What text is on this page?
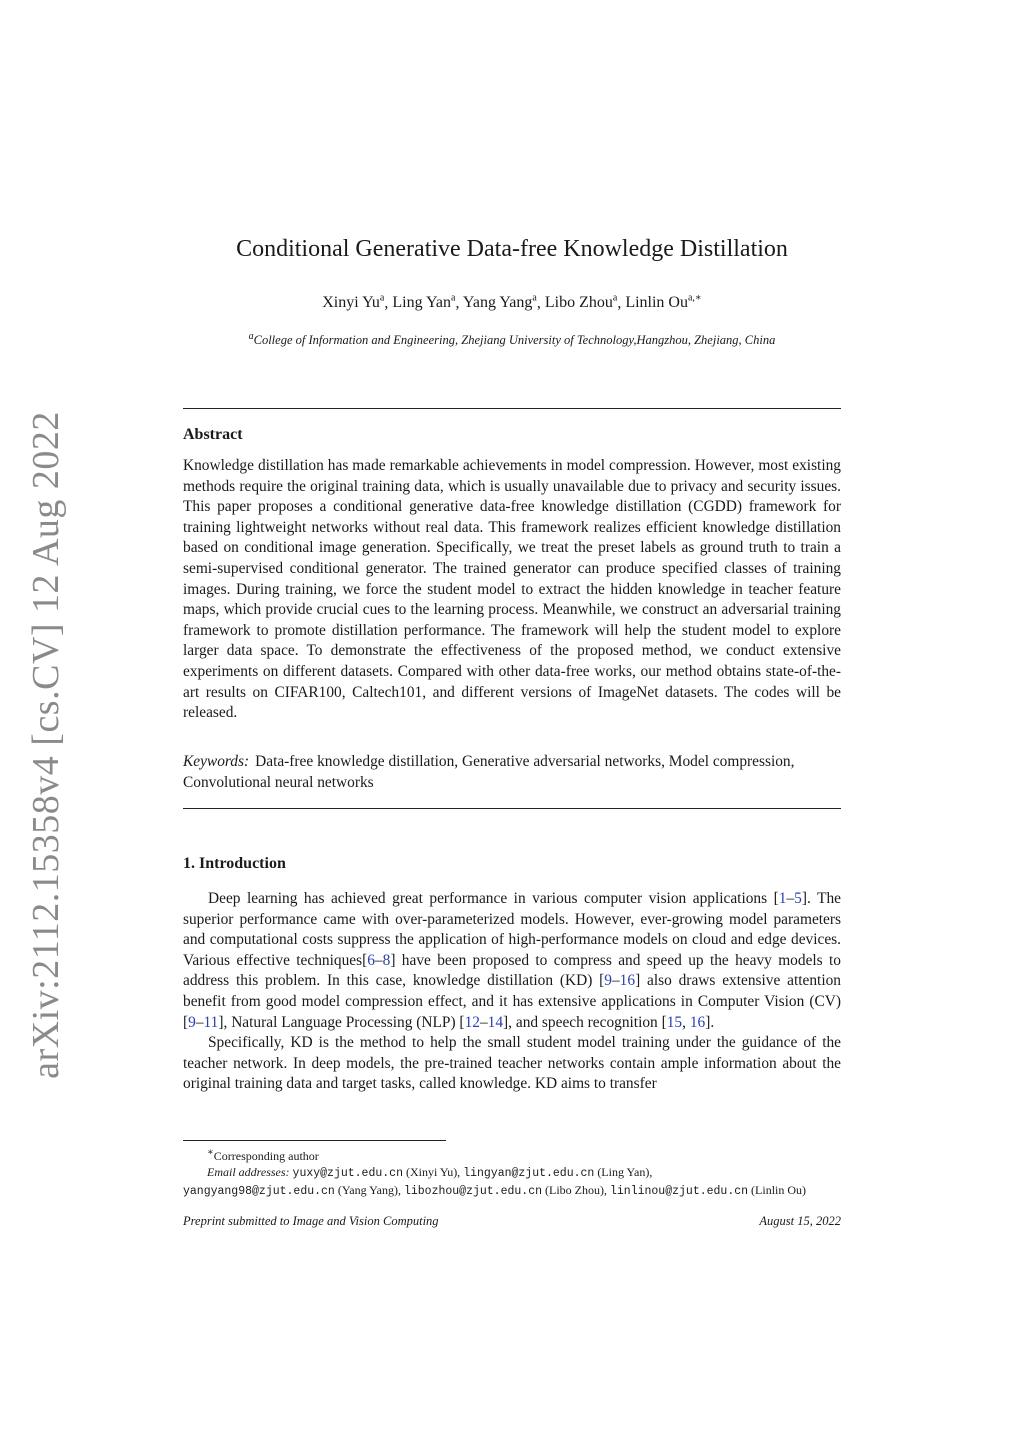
arXiv:2112.15358v4 [cs.CV] 12 Aug 2022
Conditional Generative Data-free Knowledge Distillation
Xinyi Yu$^a$, Ling Yan$^a$, Yang Yang$^a$, Libo Zhou$^a$, Linlin $Ou^{a,∗}$
$^a$College of Information and Engineering, Zhejiang University of Technology,Hangzhou, Zhejiang, China
Abstract
Knowledge distillation has made remarkable achievements in model compression. However, most existing methods require the original training data, which is usually unavailable due to privacy and security issues. This paper proposes a conditional generative data-free knowledge distillation (CGDD) framework for training lightweight networks without real data. This framework realizes efficient knowledge distillation based on conditional image generation. Specifically, we treat the preset labels as ground truth to train a semi-supervised conditional generator. The trained generator can produce specified classes of training images. During training, we force the student model to extract the hidden knowledge in teacher feature maps, which provide crucial cues to the learning process. Meanwhile, we construct an adversarial training framework to promote distillation performance. The framework will help the student model to explore larger data space. To demonstrate the effectiveness of the proposed method, we conduct extensive experiments on different datasets. Compared with other data-free works, our method obtains state-of-the-art results on CIFAR100, Caltech101, and different versions of ImageNet datasets. The codes will be released.
Keywords: Data-free knowledge distillation, Generative adversarial networks, Model compression, Convolutional neural networks
1. Introduction

Deep learning has achieved great performance in various computer vision applications [1–5]. The superior performance came with over-parameterized models. However, ever-growing model parameters and computational costs suppress the application of high-performance models on cloud and edge devices. Various effective techniques[6–8] have been proposed to compress and speed up the heavy models to address this problem. In this case, knowledge distillation (KD) [9–16] also draws extensive attention benefit from good model compression effect, and it has extensive applications in Computer Vision (CV) [9–11], Natural Language Processing (NLP) [12–14], and speech recognition [15, 16].

Specifically, KD is the method to help the small student model training under the guidance of the teacher network. In deep models, the pre-trained teacher networks contain ample information about the original training data and target tasks, called knowledge. KD aims to transfer

∗Corresponding author

Email addresses: yuxy@zjut.edu.cn (Xinyi Yu), lingyan@zjut.edu.cn (Ling Yan),

yangyang98@zjut.edu.cn (Yang Yang), libozhou@zjut.edu.cn (Libo Zhou), linlinou@zjut.edu.cn (Linlin Ou)

Preprint submitted to Image and Vision Computing	August 15, 2022
